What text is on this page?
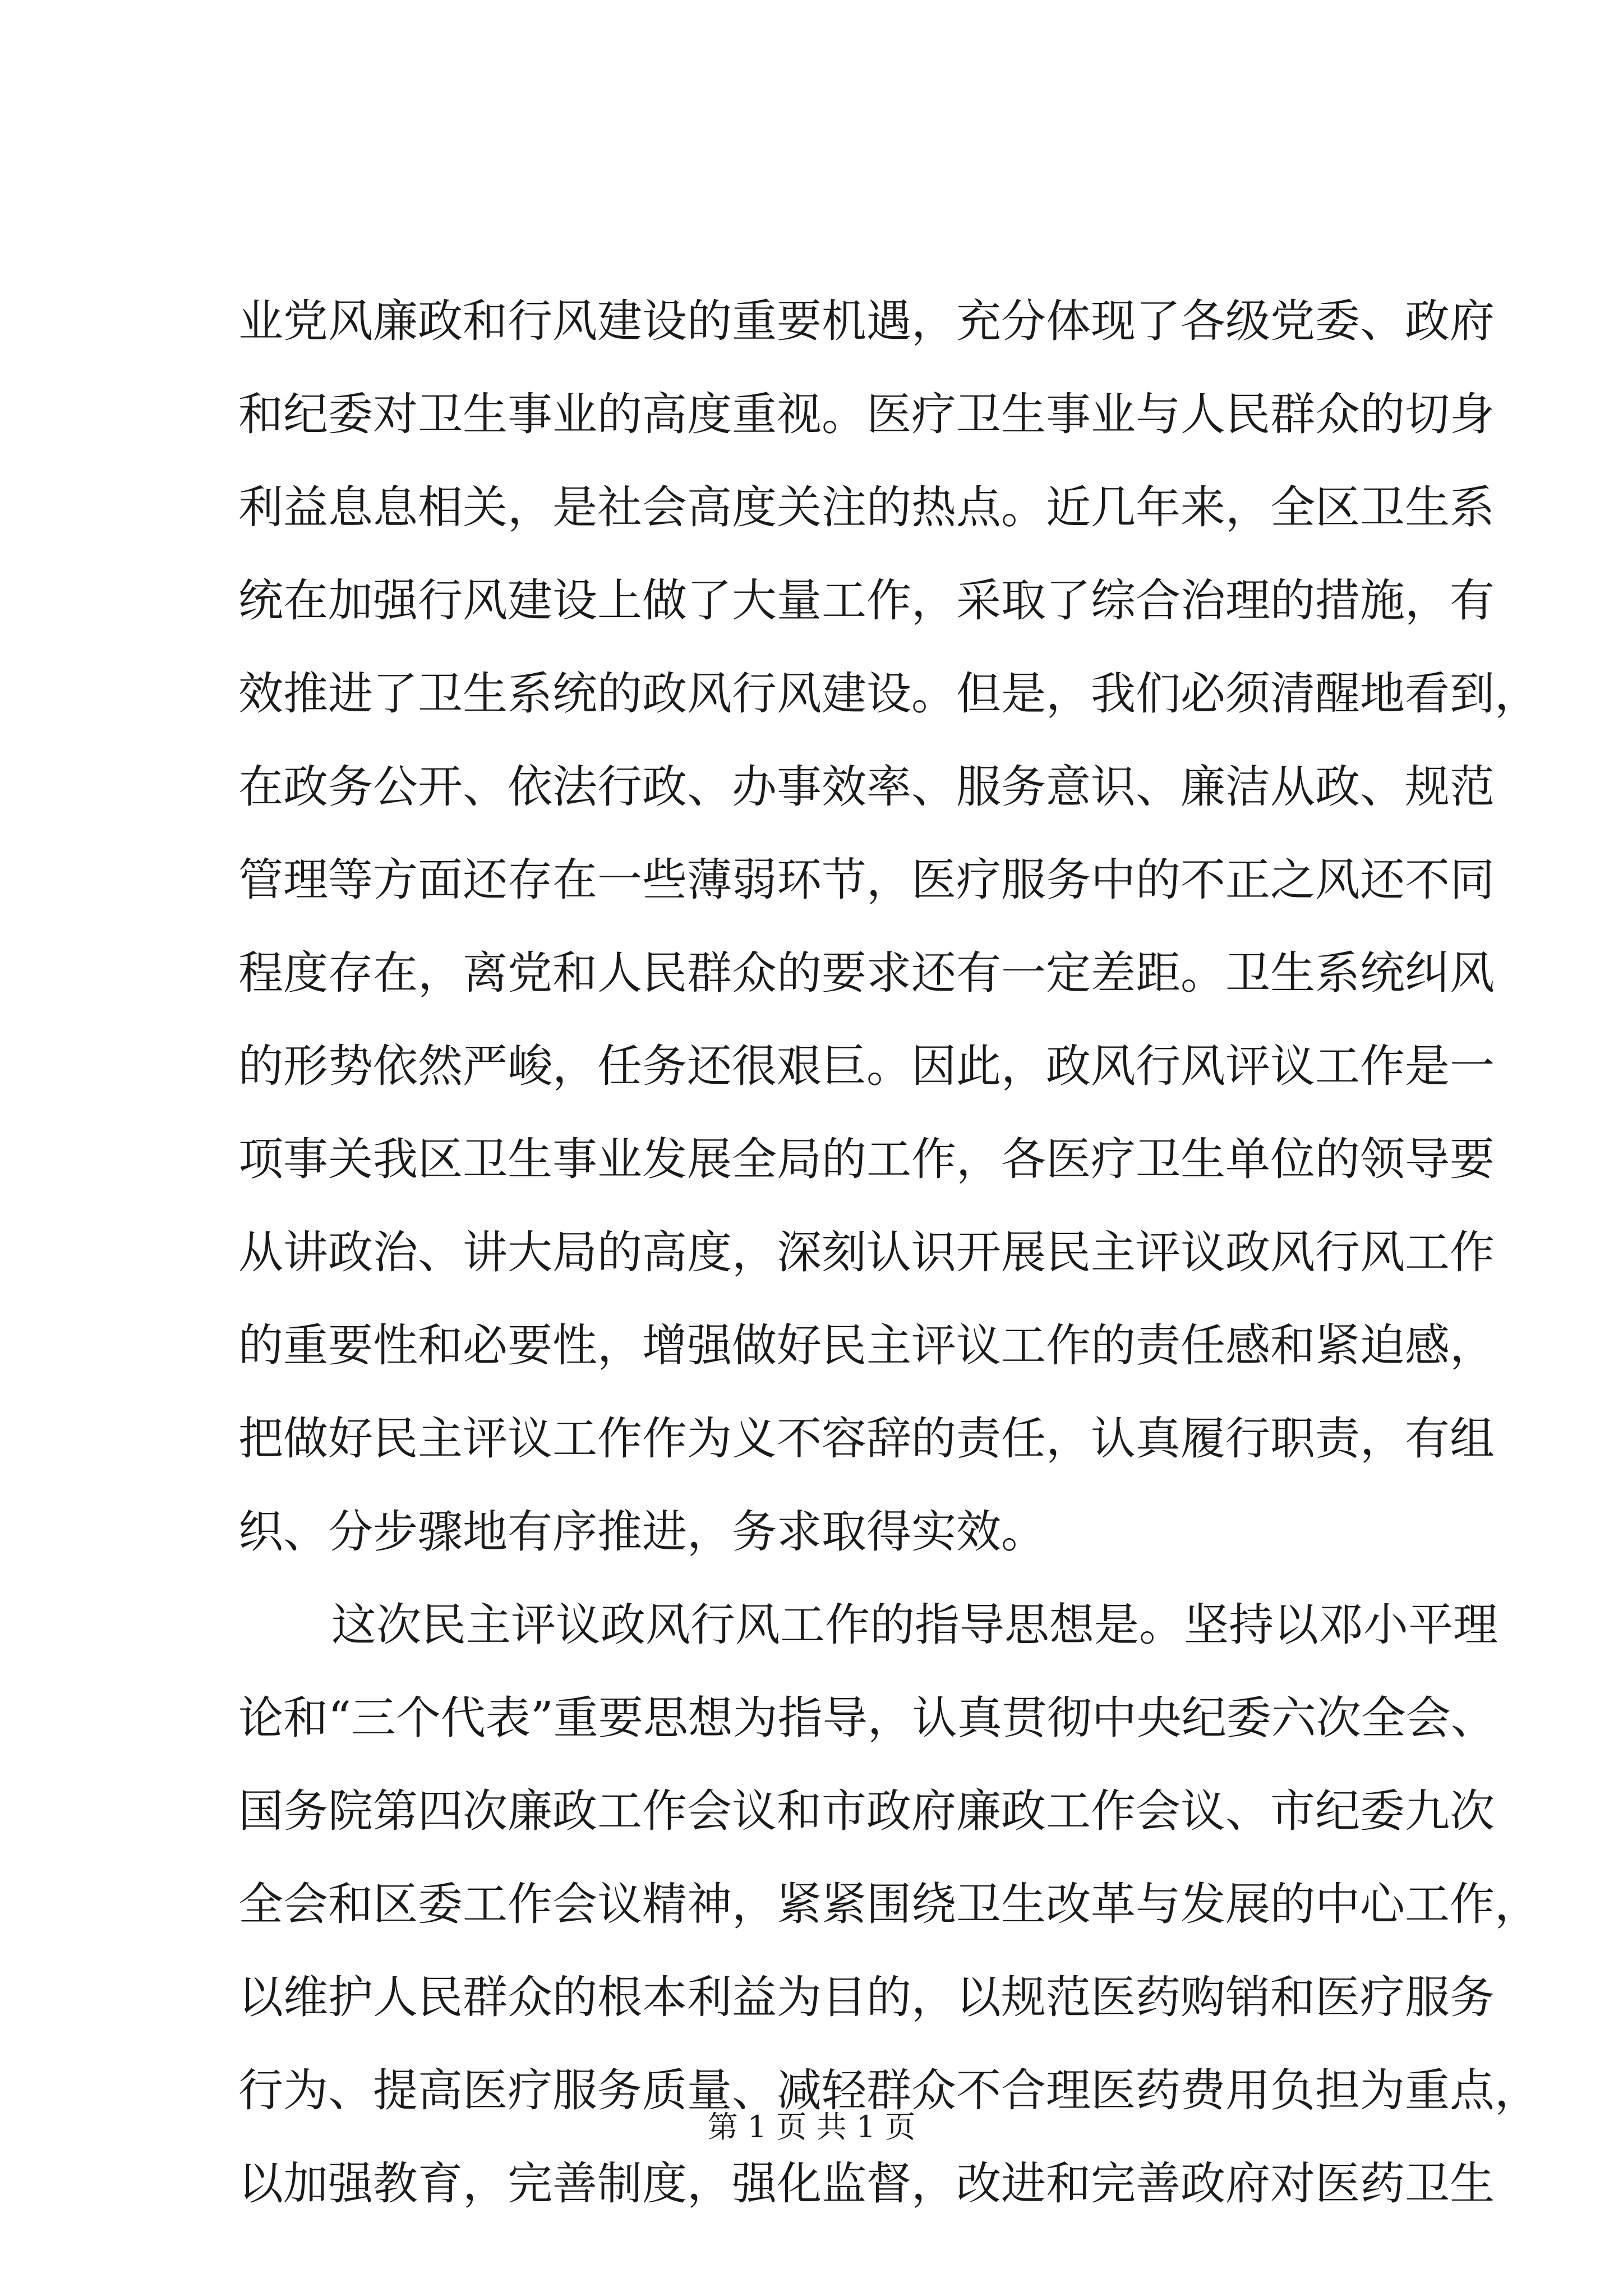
业党风廉政和行风建设的重要机遇，充分体现了各级党委、政府
和纪委对卫生事业的高度重视。医疗卫生事业与人民群众的切身
利益息息相关，是社会高度关注的热点。近几年来，全区卫生系
统在加强行风建设上做了大量工作，采取了综合治理的措施，有
效推进了卫生系统的政风行风建设。但是，我们必须清醒地看到，
在政务公开、依法行政、办事效率、服务意识、廉洁从政、规范
管理等方面还存在一些薄弱环节，医疗服务中的不正之风还不同
程度存在，离党和人民群众的要求还有一定差距。卫生系统纠风
的形势依然严峻，任务还很艰巨。因此，政风行风评议工作是一
项事关我区卫生事业发展全局的工作，各医疗卫生单位的领导要
从讲政治、讲大局的高度，深刻认识开展民主评议政风行风工作
的重要性和必要性，增强做好民主评议工作的责任感和紧迫感，
把做好民主评议工作作为义不容辞的责任，认真履行职责，有组
织、分步骤地有序推进，务求取得实效。
这次民主评议政风行风工作的指导思想是。坚持以邓小平理
论和“三个代表”重要思想为指导，认真贯彻中央纪委六次全会、
国务院第四次廉政工作会议和市政府廉政工作会议、市纪委九次
全会和区委工作会议精神，紧紧围绕卫生改革与发展的中心工作，
以维护人民群众的根本利益为目的，以规范医药购销和医疗服务
行为、提高医疗服务质量、减轻群众不合理医药费用负担为重点，
以加强教育，完善制度，强化监督，改进和完善政府对医药卫生
第 1 页 共 1 页
